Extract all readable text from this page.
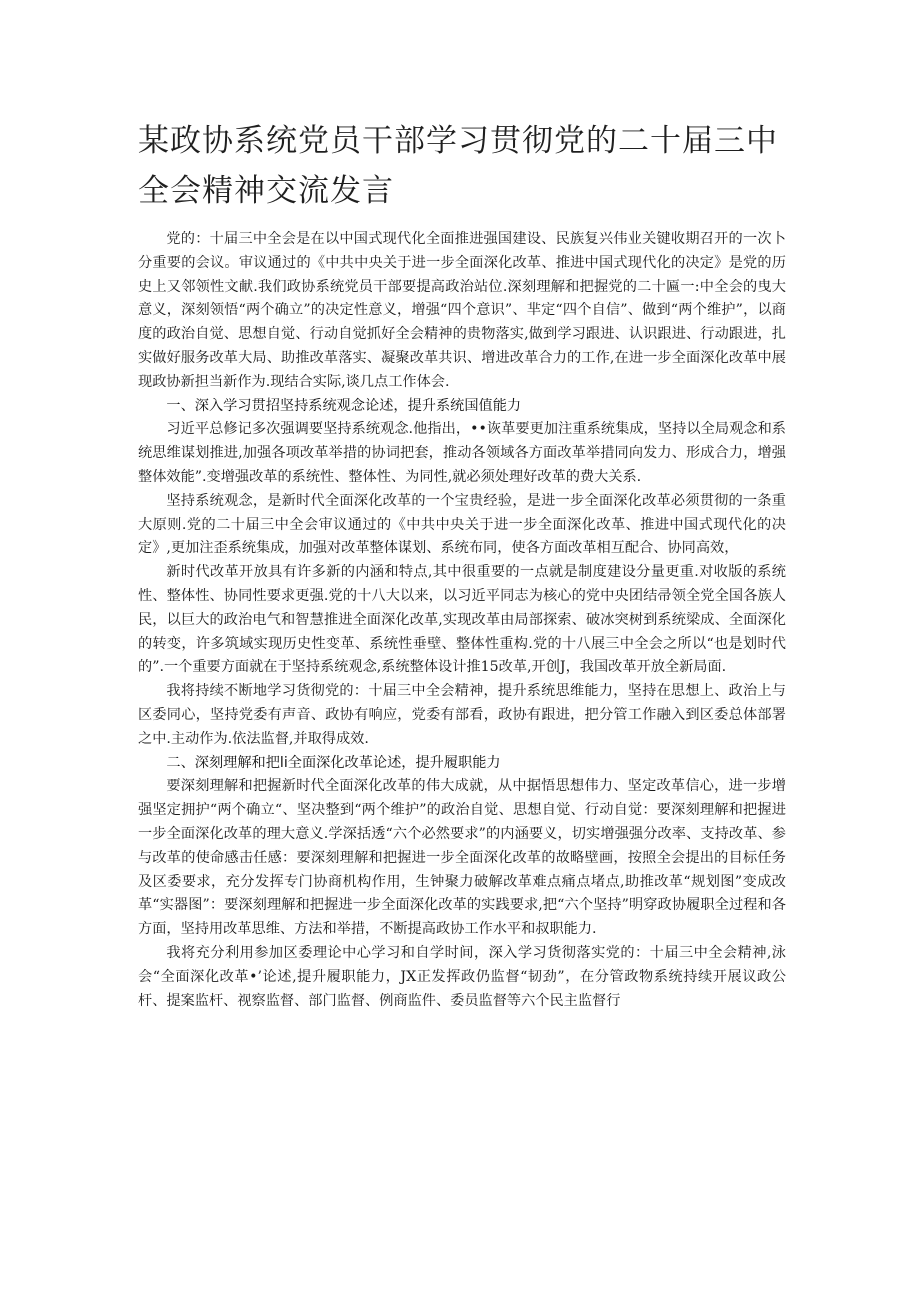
某政协系统党员干部学习贯彻党的二十届三中全会精神交流发言

党的：十届三中全会是在以中国式现代化全面推进强国建设、民族复兴伟业关键收期召开的一次卜分重要的会议。审议通过的《中共中央关于进一步全面深化改革、推进中国式现代化的决定》是党的历史上又邻领性文献.我们政协系统党员干部要提高政治站位.深刻理解和把握党的二十匾一:中全会的曳大意义，深刻领悟“两个确立”的决定性意义，增强“四个意识”、芈定“四个自信”、做到“两个维护”，以商度的政治自觉、思想自觉、行动自觉抓好全会精神的贵物落实,做到学习跟进、认识跟进、行动跟进，扎实做好服务改革大局、助推改革落实、凝聚改革共识、增进改革合力的工作,在进一步全面深化改革中展现政协新担当新作为.现结合实际,谈几点工作体会.

一、深入学习贯招坚持系统观念论述，提升系统国值能力

习近平总修记多次强调要坚持系统观念.他指出，••诙革要更加注重系统集成，坚持以全局观念和系统思维谋划推进,加强各项改革举措的协词把套，推动各领域各方面改革举措同向发力、形成合力，增强整体效能”.变增强改革的系统性、整体性、为同性,就必须处理好改革的费大关系.

坚持系统观念，是新时代全面深化改革的一个宝贵经验，是进一步全面深化改革必须贯彻的一条重大原则.党的二十届三中全会审议通过的《中共中央关于进一步全面深化改革、推进中国式现代化的决定》,更加注歪系统集成，加强对改革整体谋划、系统布同，使各方面改革相互配合、协同高效，

新时代改革开放具有许多新的内涵和特点,其中很重要的一点就是制度建设分量更重.对收版的系统性、整体性、协同性要求更强.党的十八大以来，以习近平同志为核心的党中央团结帚领全党全国各族人民，以巨大的政治电气和智慧推进全面深化改革,实现改革由局部探索、破冰突树到系统梁成、全面深化的转变，许多筑域实现历史性变革、系统性垂壁、整体性重构.党的十八展三中全会之所以“也是划时代的”.一个重要方面就在于坚持系统观念,系统整体设计推15改革,开创J，我国改革开放全新局面.

我将持续不断地学习货彻党的：十届三中全会精神，提升系统思维能力，坚持在思想上、政治上与区委同心，坚持党委有声音、政协有响应，党委有部看，政协有跟进，把分管工作融入到区委总体部署之中.主动作为.依法监督,并取得成效.

二、深刻理解和把li全面深化改革论述，提升履职能力

要深刻理解和把握新时代全面深化改革的伟大成就，从中据悟思想伟力、坚定改革信心，进一步增强坚定拥护“两个确立“、坚决整到“两个维护”的政治自觉、思想自觉、行动自觉：要深刻理解和把握进一步全面深化改革的理大意义.学深括透“六个必然要求”的内涵要义，切实增强强分改率、支持改革、参与改革的使命感击任感：要深刻理解和把握进一步全面深化改革的故略壁画，按照全会提出的目标任务及区委要求，充分发挥专门协商机构作用，生钟聚力破解改革难点痛点堵点,助推改革“规划图”变成改革“实器图”：要深刻理解和把握进一步全面深化改革的实践要求,把“六个坚持”明穿政协履职全过程和各方面，坚持用改革思维、方法和举措，不断提高政协工作水平和叔职能力.

我将充分利用参加区委理论中心学习和自学时间，深入学习货彻落实党的：十届三中全会精神,泳会“全面深化改革•’论述,提升履职能力，JX正发挥政仍监督“韧劲”，在分管政物系统持续开展议政公杆、提案监杆、视察监督、部门监督、例商监件、委员监督等六个民主监督行
